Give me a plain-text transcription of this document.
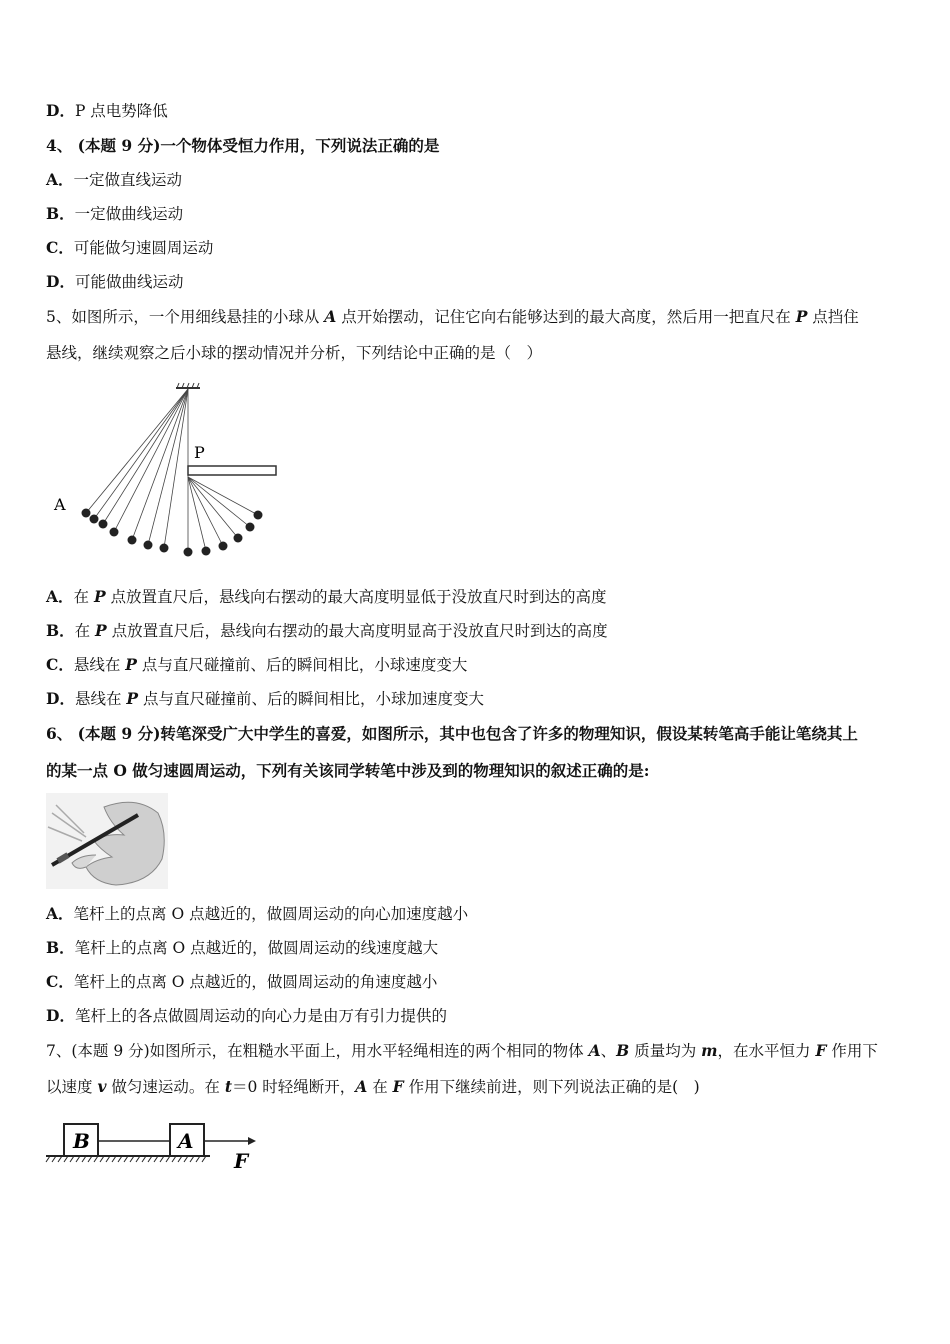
D．P 点电势降低
4、 (本题 9 分)一个物体受恒力作用，下列说法正确的是
A．一定做直线运动
B．一定做曲线运动
C．可能做匀速圆周运动
D．可能做曲线运动
5、如图所示，一个用细线悬挂的小球从 A 点开始摆动，记住它向右能够达到的最大高度，然后用一把直尺在 P 点挡住
悬线，继续观察之后小球的摆动情况并分析，下列结论中正确的是（　）
P
A
A．在 P 点放置直尺后，悬线向右摆动的最大高度明显低于没放直尺时到达的高度
B．在 P 点放置直尺后，悬线向右摆动的最大高度明显高于没放直尺时到达的高度
C．悬线在 P 点与直尺碰撞前、后的瞬间相比，小球速度变大
D．悬线在 P 点与直尺碰撞前、后的瞬间相比，小球加速度变大
6、 (本题 9 分)转笔深受广大中学生的喜爱，如图所示，其中也包含了许多的物理知识，假设某转笔高手能让笔绕其上
的某一点 O 做匀速圆周运动，下列有关该同学转笔中涉及到的物理知识的叙述正确的是:
A．笔杆上的点离 O 点越近的，做圆周运动的向心加速度越小
B．笔杆上的点离 O 点越近的，做圆周运动的线速度越大
C．笔杆上的点离 O 点越近的，做圆周运动的角速度越小
D．笔杆上的各点做圆周运动的向心力是由万有引力提供的
7、(本题 9 分)如图所示，在粗糙水平面上，用水平轻绳相连的两个相同的物体 A、B 质量均为 m，在水平恒力 F 作用下
以速度 v 做匀速运动。在 t＝0 时轻绳断开，A 在 F 作用下继续前进，则下列说法正确的是(　)
B	A
F
